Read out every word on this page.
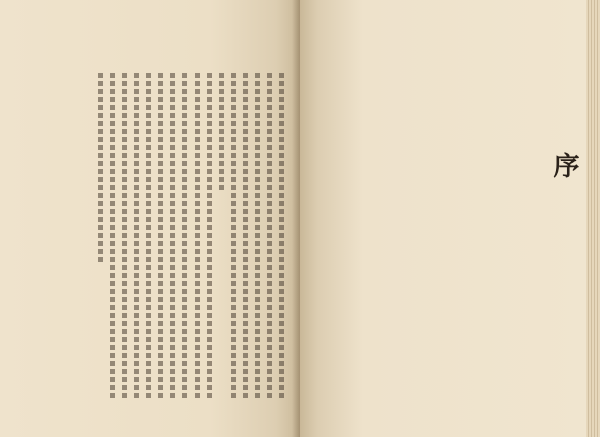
序
